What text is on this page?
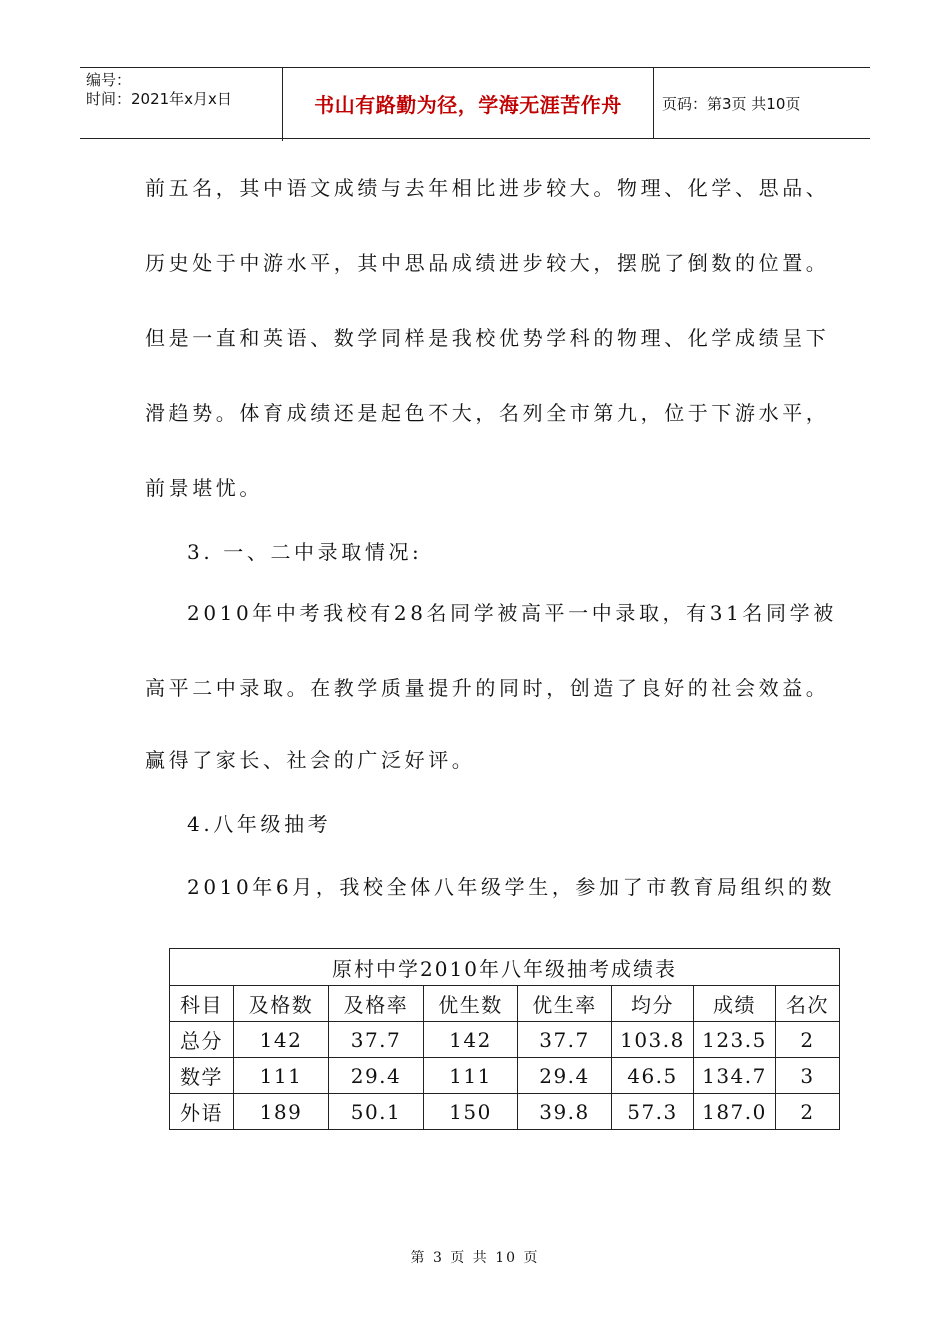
编号：
时间：2021年x月x日	书山有路勤为径，学海无涯苦作舟	页码：第3页 共10页
前五名，其中语文成绩与去年相比进步较大。物理、化学、思品、
历史处于中游水平，其中思品成绩进步较大，摆脱了倒数的位置。
但是一直和英语、数学同样是我校优势学科的物理、化学成绩呈下
滑趋势。体育成绩还是起色不大，名列全市第九，位于下游水平，
前景堪忧。
3. 一、二中录取情况:
2010年中考我校有28名同学被高平一中录取，有31名同学被
高平二中录取。在教学质量提升的同时，创造了良好的社会效益。
赢得了家长、社会的广泛好评。
4.八年级抽考
2010年6月，我校全体八年级学生，参加了市教育局组织的数
原村中学2010年八年级抽考成绩表							
科目	及格数	及格率	优生数	优生率	均分	成绩	名次
总分	142	37.7	142	37.7	103.8	123.5	2
数学	111	29.4	111	29.4	46.5	134.7	3
外语	189	50.1	150	39.8	57.3	187.0	2
第 3 页 共 10 页
